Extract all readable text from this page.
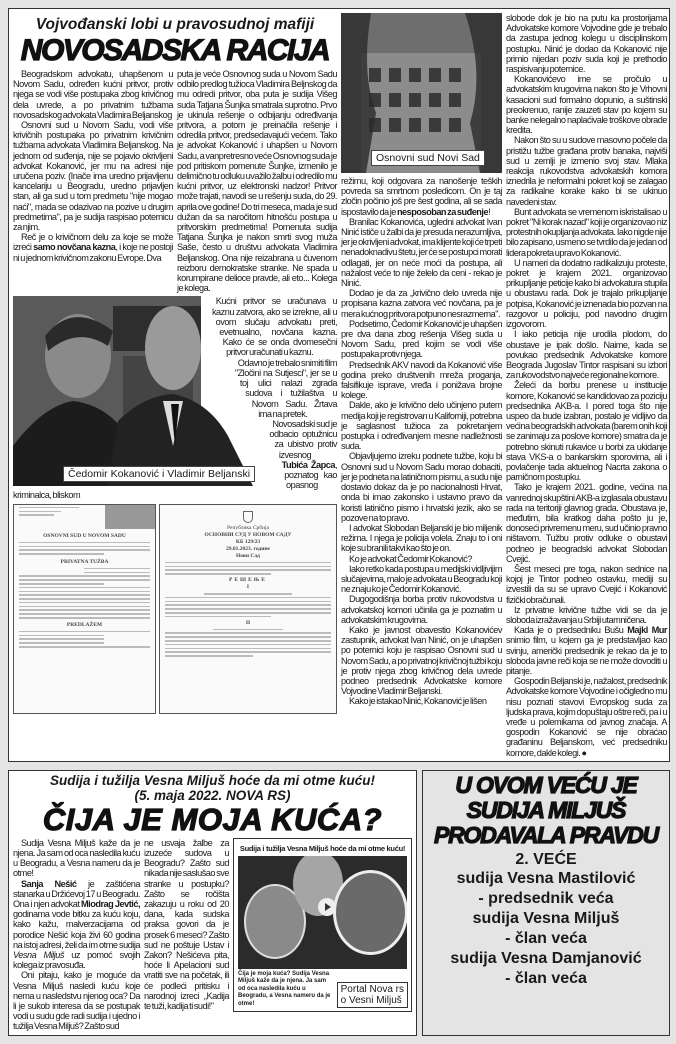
Vojvođanski lobi u pravosudnoj mafiji
NOVOSADSKA RACIJA

Beogradskom advokatu, uhapšenom u Novom Sadu, određen kućni pritvor, protiv njega se vodi više postupaka zbog krivičnog dela uvrede, a po privatnim tužbama novosadskog advokata Vladimira Beljanskog

Osnovni sud u Novom Sadu, vodi više krivičnih postupaka po privatnim krivičnim tužbama advokata Vladimira Beljanskog. Na jednom od suđenja, nije se pojavio okrivljeni advokat Kokanović, jer mu na adresi nije uručena poziv. (Inače ima uredno prijavljenu kancelariju u Beogradu, uredno prijavljen stan, ali ga sud u tom predmetu "nije mogao naći", mada se odazivao na pozive u drugim predmetima", pa je sudija raspisao poternicu za njim.

Reč je o krivičnom delu za koje se može izreći samo novčana kazna, i koje ne postoji ni u jednom krivičnom zakonu Evrope. Dva

puta je veće Osnovnog suda u Novom Sadu odbilo predlog tužioca Vladimira Beljnskog da mu odredi pritvor, oba puta je sudija Višeg suda Tatjana Šunjka smatrala suprotno. Prvo je ukinula rešenje o odbijanju određivanja pritvora, a potom je preinačila rešenje i odredila pritvor, predsedavajući većem. Tako je advokat Kokanović i uhapšen u Novom Sadu, a vanpretresno veće Osnovnog suda je pod pritiskom pomenute Šunjke, izmenilo je delimično tu odluku uvažilo žalbu i odredilo mu kućni pritvor, uz elektronski nadzor! Pritvor može trajati, navodi se u rešenju suda, do 29. aprila ove godine! Do tri meseca, mada je sud dužan da sa naročitom hitnošću postupa u pritvorskim predmetima! Pomenuta sudija Tatjana Šunjka je nakon smrti svog muža Saše, često u društvu advokata Vladimira Beljanskog. Ona nije reizabrana u čuvenom reizboru demokratske stranke. Ne spada u korumpirane delioce pravde, ali eto... Kolega je kolega.

Čedomir Kokanović i Vladimir Beljanski

Kućni pritvor se uračunava u kaznu zatvora, ako se izrekne, ali u ovom slučaju advokatu preti, evetnualno, novčana kazna. Kako će se onda dvomesečni pritvor uračunati u kaznu.

Odavno je trebalo snimiti film "Zločini na Sutjesci", jer se u toj ulici nalazi zgrada sudova i tužilaštva u Novom Sadu. Žrtava ima na pretek.

Novosadski sud je odbacio optužnicu za ubistvo protiv izvesnog Tubića Žapca, poznatog kao opasnog kriminalca, bliskom

OSNOVNI SUD U NOVOM SADU
PRIVATNA TUŽBA
PREDLAŽEM
Република Србија
ОСНОВНИ СУД У НОВОМ САДУ
КБ 129/23
29.01.2023. године
Нови Сад
РЕШЕЊЕ
I
II
Osnovni sud Novi Sad

režimu, koji odgovara za nanošenje teških povreda sa smrtnom posledicom. On je taj zločin počinio još pre šest godina, ali se sada ispostavilo da je nesposoban za suđenje!

Branilac Kokanovića, ugledni advokat Ivan Ninić ističe u žalbi da je presuda nerazumljiva, jer je okrivljeni advokat, ima klijente koji će trpeti nenadoknadivu štetu, jer će se postupci morati odlagati, jer on neće moći da postupa, ali nažalost veće to nije želelo da ceni - rekao je Ninić.

Dodao je da za „krivično delo uvreda nije propisana kazna zatvora već novčana, pa je mera kućnog pritvora potpuno nesrazmerna".

Podsetimo, Čedomir Kokanović je uhapšen pre dva dana zbog rešenja Višeg suda u Novom Sadu, pred kojim se vodi više postupaka protiv njega.

Predsednik AKV navodi da Kokanović više godina preko društvenih mreža proganja, falsifikuje isprave, vređa i ponižava brojne kolege.

Dakle, ako je krivično delo učinjeno putem medija koji je registrovan u Kaliforniji, potrebna je saglasnost tužioca za pokretanjem postupka i određivanjem mesne nadležnosti suda.

Objavljujemo izreku podnete tužbe, koju bi Osnovni sud u Novom Sadu morao dobaciti, jer je podneta na latiničnom pismu, a sudu nije dostavio dokaz da je po nacionalnosti Hrvat, onda bi imao zakonsko i ustavno pravo da koristi latinično pismo i hrvatski jezik, ako se pozove na to pravo.

I advokat Slobodan Beljanski je bio miljenik režima. I njega je policija volela. Znaju to i oni koje su branili takvi kao što je on.

Ko je advokat Čedomir Kokanović?

Iako retko kada postupa u medijski vidljivijim slučajevima, malo je advokata u Beogradu koji ne znaju ko je Čedomir Kokanović.

Dugogodišnja borba protiv rukovodstva u advokatskoj komori učinila ga je poznatim u advokatskim krugovima.

Kako je javnost obavestio Kokanovićev zastupnik, advokat Ivan Ninić, on je uhapšen po poternici koju je raspisao Osnovni sud u Novom Sadu, a po privatnoj krivičnoj tužbi koju je protiv njega zbog krivičnog dela uvrede podneo predsednik Advokatske komore Vojvodine Vladimir Beljanski.

Kako je istakao Ninić, Kokanović je lišen

slobode dok je bio na putu ka prostorijama Advokatske komore Vojvodine gde je trebalo da zastupa jednog kolegu u disciplinskom postupku. Ninić je dodao da Kokanović nije primio nijedan poziv suda koji je prethodio raspisivanju poternice.

Kokanovićevo ime se pročulo u advokatskim krugovima nakon što je Vrhovni kasacioni sud formalno dopunio, a suštinski preokrenuo, ranije zauzeti stav po kojem su banke nelegalno naplaćivale troškove obrade kredita.

Nakon što su u sudove masovno počele da pristižu tužbe građana protiv banaka, najviši sud u zemlji je izmenio svoj stav. Mlaka reakcija rukovodstva advokatskih komora iznedrila je neformalni pokret koji se zalagao za radikalne korake kako bi se ukinuo navedeni stav.

Bunt advokata se vremenom iskristalisao u pokret "Ni korak nazad" koji je organizovao niz protestnih okupljanja advokata. Iako nigde nije bilo zapisano, usmeno se tvrdilo da je jedan od lidera pokreta upravo Kokanović.

U nameri da dodatno radikalizuju proteste, pokret je krajem 2021. organizovao prikupljanje peticije kako bi advokatura stupila u obustavu rada. Dok je trajalo prikupljanje potpisa, Kokanović je iznenada bio pozvan na razgovor u policiju, pod navodno drugim izgovorom.

I iako peticija nije urodila plodom, do obustave je ipak došlo. Naime, kada se povukao predsednik Advokatske komore Beograda Jugoslav Tintor raspisani su izbori za rukovodstvo najveće regionalne komore.

Želeći da borbu prenese u institucije komore, Kokanović se kandidovao za poziciju predsednika AKB-a. I pored toga što nije uspeo da bude izabran, postalo je vidljivo da većina beogradskih advokata (barem onih koji se zanimaju za poslove komore) smatra da je potrebno skinuti rukavice u borbi za ukidanje stava VKS-a o bankarskim sporovima, ali i povlačenje tada aktuelnog Nacrta zakona o parničnom postupku.

Tako je krajem 2021. godine, većina na vanrednoj skupštini AKB-a izglasala obustavu rada na teritoriji glavnog grada. Obustava je, međutim, bila kratkog daha pošto ju je, donoseći privremenu meru, sud učinio pravno ništavom. Tužbu protiv odluke o obustavi podneo je beogradski advokat Slobodan Cvejić.

Šest meseci pre toga, nakon sednice na kojoj je Tintor podneo ostavku, mediji su izvestili da su se upravo Cvejić i Kokanović fizički obračunali.

Iz privatne krivične tužbe vidi se da je sloboda izražavanja u Srbiji utamničena.

Kada je o predsedniku Bušu Majkl Mur snimio film, u kojem ga je predstavljao kao svinju, američki predsednik je rekao da je to sloboda javne reči koja se ne može dovoditi u pitanje.

Gospodin Beljanski je, nažalost, predsednik Advokatske komore Vojvodine i očigledno mu nisu poznati stavovi Evropskog suda za ljudska prava, kojim dopuštaju oštre reči, pa i u vređe u polemikama od javnog značaja. A gospodin Kokanović se nije obraćao građaninu Beljanskom, već predsedniku komore, dakle kolegi. ●

Sudija i tužilja Vesna Miljuš hoće da mi otme kuću!
(5. maja 2022. NOVA RS)
ČIJA JE MOJA KUĆA?

Sudija Vesna Miljuš kaže da je njena. Ja sam od oca nasledila kuću u Beogradu, a Vesna nameru da je otme!

Sanja Nešić je zaštićena stanarka u Držićevoj 17 u Beogradu. Ona i njen advokat Miodrag Jevtić, godinama vode bitku za kuću koju, kako kažu, malverzacijama od porodice Nešić koja živi 60 godina na istoj adresi, želi da im otme sudija Vesna Miljuš uz pomoć svojih kolega iz pravosuđa.

Oni pitaju, kako je moguće da Vesna Miljuš nasledi kuću koje nema u nasledstvu njenog oca? Da li je sukob interesa da se postupak vodi u sudu gde radi sudija i ujedno i tužilja Vesna Miljuš? Zašto sud

ne usvaja žalbe za izuzeće sudova u Beogradu? Zašto sud nikada nije saslušao sve stranke u postupku? Zašto se ročišta zakazuju u roku od 20 dana, kada sudska praksa govori da je prosek 6 meseci? Zašto sud ne poštuje Ustav i Zakon? Nešićeva pita, hoće li Apelacioni sud vratiti sve na početak, ili će podleći pritisku i narodnoj izreci „Kadija te tuži, kadija ti sudi!"

Sudija i tužilja Vesna Miljuš hoće da mi otme kuću!
Čija je moja kuća? Sudija Vesna Miljuš kaže da je njena. Ja sam od oca nasledila kuću u Beogradu, a Vesna nameru da je otme!
Portal Nova rs
o Vesni Miljuš
U OVOM VEĆU JE
SUDIJA MILJUŠ
PRODAVALA PRAVDU
2. VEĆE
sudija Vesna Mastilović
- predsednik veća
sudija Vesna Miljuš
- član veća
sudija Vesna Damjanović
- član veća
